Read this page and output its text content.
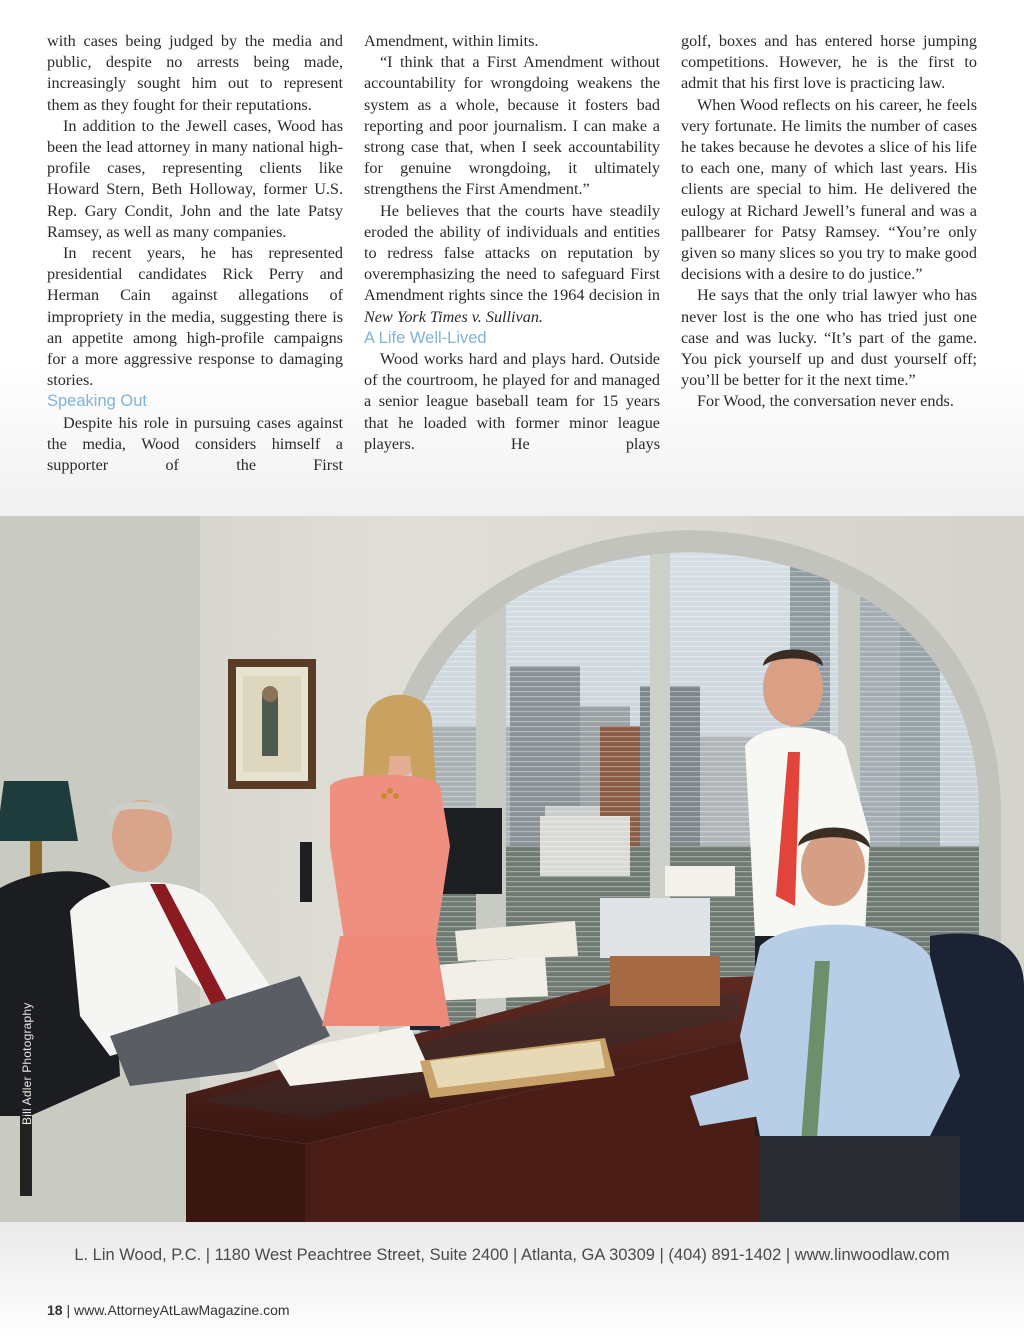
with cases being judged by the media and public, despite no arrests being made, increasingly sought him out to represent them as they fought for their reputations.

In addition to the Jewell cases, Wood has been the lead attorney in many national high-profile cases, representing clients like Howard Stern, Beth Holloway, former U.S. Rep. Gary Condit, John and the late Patsy Ramsey, as well as many companies.

In recent years, he has represented presidential candidates Rick Perry and Herman Cain against allegations of impropriety in the media, suggesting there is an appetite among high-profile campaigns for a more aggressive response to damaging stories.

Speaking Out

Despite his role in pursuing cases against the media, Wood considers himself a supporter of the First

Amendment, within limits.

“I think that a First Amendment without accountability for wrongdoing weakens the system as a whole, because it fosters bad reporting and poor journalism. I can make a strong case that, when I seek accountability for genuine wrongdoing, it ultimately strengthens the First Amendment.”

He believes that the courts have steadily eroded the ability of individuals and entities to redress false attacks on reputation by overemphasizing the need to safeguard First Amendment rights since the 1964 decision in New York Times v. Sullivan.

A Life Well-Lived

Wood works hard and plays hard. Outside of the courtroom, he played for and managed a senior league baseball team for 15 years that he loaded with former minor league players. He plays

golf, boxes and has entered horse jumping competitions. However, he is the first to admit that his first love is practicing law.

When Wood reflects on his career, he feels very fortunate. He limits the number of cases he takes because he devotes a slice of his life to each one, many of which last years. His clients are special to him. He delivered the eulogy at Richard Jewell’s funeral and was a pallbearer for Patsy Ramsey. “You’re only given so many slices so you try to make good decisions with a desire to do justice.”

He says that the only trial lawyer who has never lost is the one who has tried just one case and was lucky. “It’s part of the game. You pick yourself up and dust yourself off; you’ll be better for it the next time.”

For Wood, the conversation never ends.

Bill Adler Photography
L. Lin Wood, P.C. | 1180 West Peachtree Street, Suite 2400 | Atlanta, GA 30309 | (404) 891-1402 | www.linwoodlaw.com
18 | www.AttorneyAtLawMagazine.com
